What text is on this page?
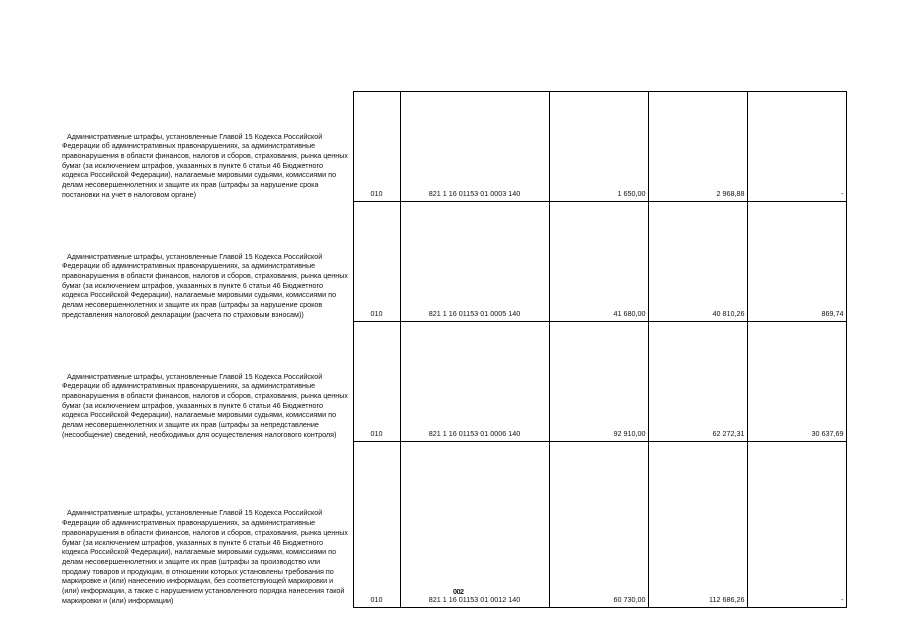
Административные штрафы, установленные Главой 15 Кодекса Российской Федерации об административных правонарушениях, за административные правонарушения в области финансов, налогов и сборов, страхования, рынка ценных бумаг (за исключением штрафов, указанных в пункте 6 статьи 46 Бюджетного кодекса Российской Федерации), налагаемые мировыми судьями, комиссиями по делам несовершеннолетних и защите их прав (штрафы за нарушение срока постановки на учет в налоговом органе)	010	821 1 16 01153 01 0003 140	1 650,00	2 968,88	-

Административные штрафы, установленные Главой 15 Кодекса Российской Федерации об административных правонарушениях, за административные правонарушения в области финансов, налогов и сборов, страхования, рынка ценных бумаг (за исключением штрафов, указанных в пункте 6 статьи 46 Бюджетного кодекса Российской Федерации), налагаемые мировыми судьями, комиссиями по делам несовершеннолетних и защите их прав (штрафы за нарушение сроков представления налоговой декларации (расчета по страховым взносам))	010	821 1 16 01153 01 0005 140	41 680,00	40 810,26	869,74

Административные штрафы, установленные Главой 15 Кодекса Российской Федерации об административных правонарушениях, за административные правонарушения в области финансов, налогов и сборов, страхования, рынка ценных бумаг (за исключением штрафов, указанных в пункте 6 статьи 46 Бюджетного кодекса Российской Федерации), налагаемые мировыми судьями, комиссиями по делам несовершеннолетних и защите их прав (штрафы за непредставление (несообщение) сведений, необходимых для осуществления налогового контроля)	010	821 1 16 01153 01 0006 140	92 910,00	62 272,31	30 637,69

Административные штрафы, установленные Главой 15 Кодекса Российской Федерации об административных правонарушениях, за административные правонарушения в области финансов, налогов и сборов, страхования, рынка ценных бумаг (за исключением штрафов, указанных в пункте 6 статьи 46 Бюджетного кодекса Российской Федерации), налагаемые мировыми судьями, комиссиями по делам несовершеннолетних и защите их прав (штрафы за производство или продажу товаров и продукции, в отношении которых установлены требования по маркировке и (или) нанесению информации, без соответствующей маркировки и (или) информации, а также с нарушением установленного порядка нанесения такой маркировки и (или) информации)	010	821 1 16 01153 01 0012 140	60 730,00	112 686,26	-
002
